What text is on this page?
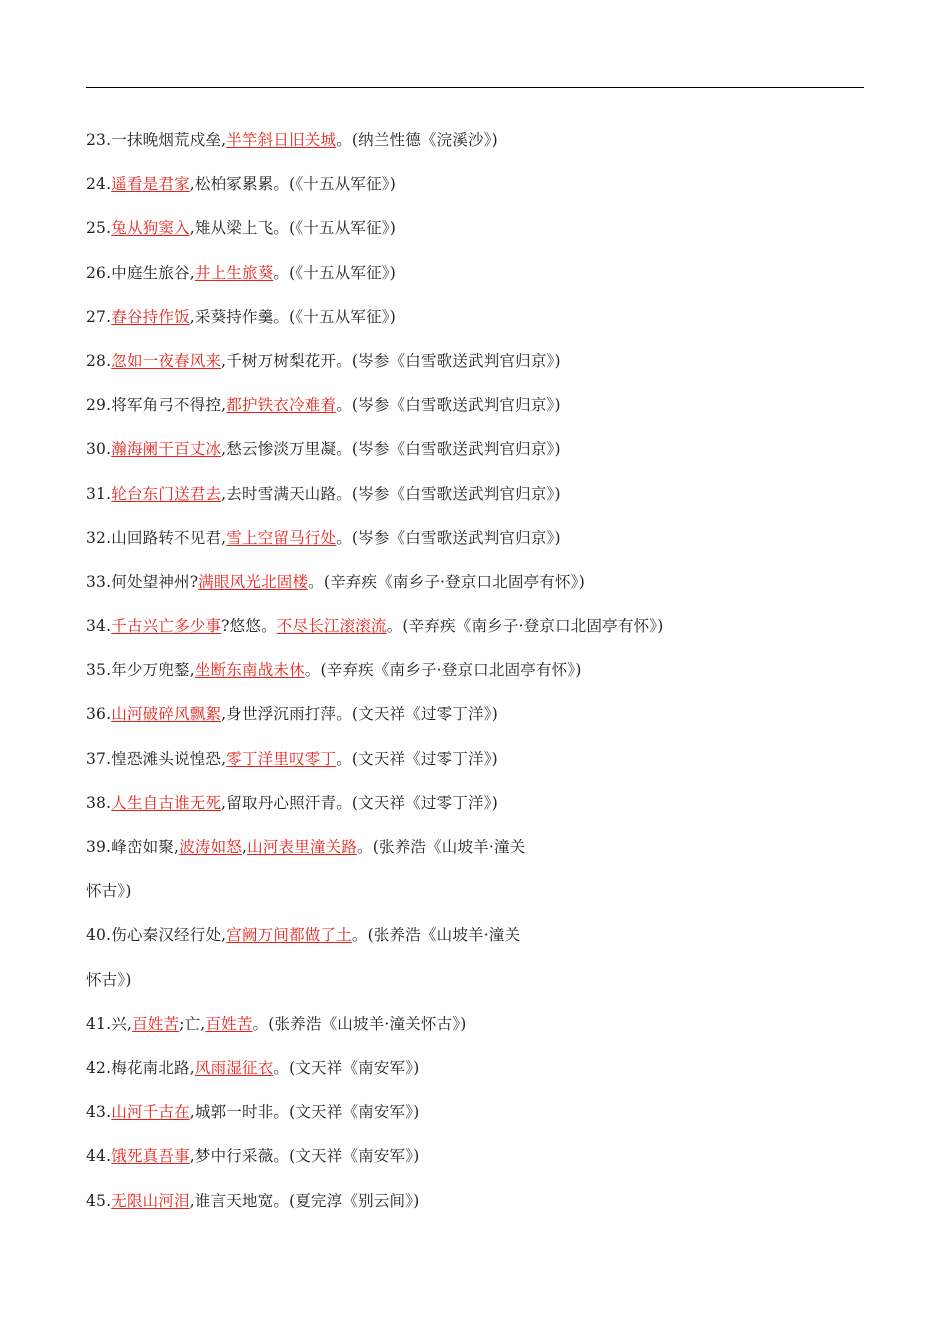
23.一抹晚烟荒戍垒,半竿斜日旧关城。(纳兰性德《浣溪沙》)
24.遥看是君家,松柏冢累累。(《十五从军征》)
25.兔从狗窦入,雉从梁上飞。(《十五从军征》)
26.中庭生旅谷,井上生旅葵。(《十五从军征》)
27.舂谷持作饭,采葵持作羹。(《十五从军征》)
28.忽如一夜春风来,千树万树梨花开。(岑参《白雪歌送武判官归京》)
29.将军角弓不得控,都护铁衣冷难着。(岑参《白雪歌送武判官归京》)
30.瀚海阑干百丈冰,愁云惨淡万里凝。(岑参《白雪歌送武判官归京》)
31.轮台东门送君去,去时雪满天山路。(岑参《白雪歌送武判官归京》)
32.山回路转不见君,雪上空留马行处。(岑参《白雪歌送武判官归京》)
33.何处望神州?满眼风光北固楼。(辛弃疾《南乡子·登京口北固亭有怀》)
34.千古兴亡多少事?悠悠。不尽长江滚滚流。(辛弃疾《南乡子·登京口北固亭有怀》)
35.年少万兜鍪,坐断东南战未休。(辛弃疾《南乡子·登京口北固亭有怀》)
36.山河破碎风飘絮,身世浮沉雨打萍。(文天祥《过零丁洋》)
37.惶恐滩头说惶恐,零丁洋里叹零丁。(文天祥《过零丁洋》)
38.人生自古谁无死,留取丹心照汗青。(文天祥《过零丁洋》)
39.峰峦如聚,波涛如怒,山河表里潼关路。(张养浩《山坡羊·潼关
怀古》)
40.伤心秦汉经行处,宫阙万间都做了土。(张养浩《山坡羊·潼关
怀古》)
41.兴,百姓苦;亡,百姓苦。(张养浩《山坡羊·潼关怀古》)
42.梅花南北路,风雨湿征衣。(文天祥《南安军》)
43.山河千古在,城郭一时非。(文天祥《南安军》)
44.饿死真吾事,梦中行采薇。(文天祥《南安军》)
45.无限山河泪,谁言天地宽。(夏完淳《别云间》)
